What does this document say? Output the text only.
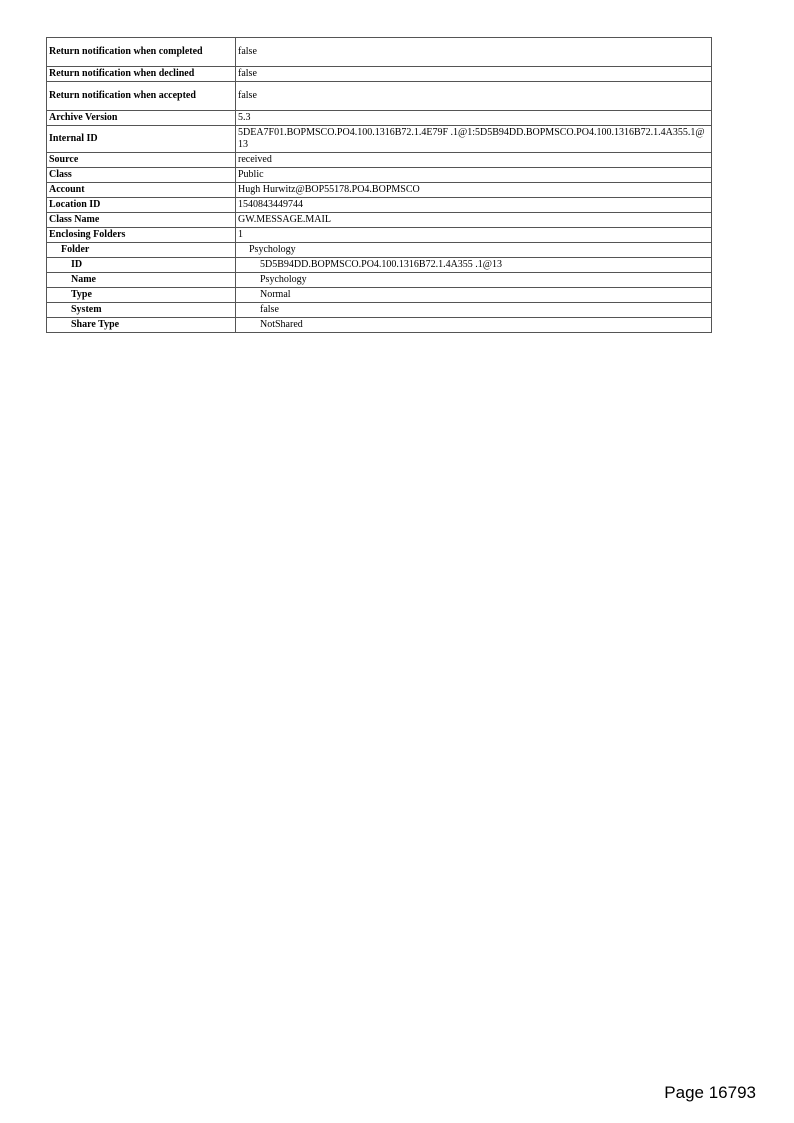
Return notification when completed	false
Return notification when declined	false
Return notification when accepted	false
Archive Version	5.3
Internal ID	5DEA7F01.BOPMSCO.PO4.100.1316B72.1.4E79F .1@1:5D5B94DD.BOPMSCO.PO4.100.1316B72.1.4A355.1@13
Source	received
Class	Public
Account	Hugh Hurwitz@BOP55178.PO4.BOPMSCO
Location ID	1540843449744
Class Name	GW.MESSAGE.MAIL
Enclosing Folders	1
Folder	Psychology
ID	5D5B94DD.BOPMSCO.PO4.100.1316B72.1.4A355 .1@13
Name	Psychology
Type	Normal
System	false
Share Type	NotShared
Page 16793
